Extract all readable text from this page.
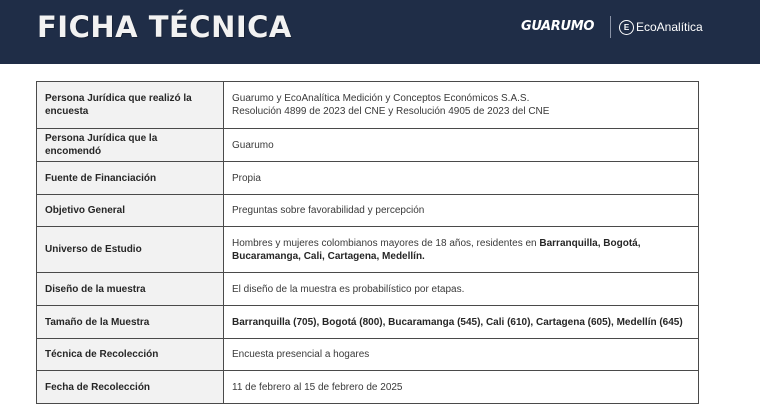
FICHA TÉCNICA	GUARUMO	E EcoAnalítica
Persona Jurídica que realizó la encuesta	Guarumo y EcoAnalítica Medición y Conceptos Económicos S.A.S.
Resolución 4899 de 2023 del CNE y Resolución 4905 de 2023 del CNE

Persona Jurídica que la encomendó	Guarumo
Fuente de Financiación	Propia
Objetivo General	Preguntas sobre favorabilidad y percepción
Universo de Estudio	Hombres y mujeres colombianos mayores de 18 años, residentes en Barranquilla, Bogotá, Bucaramanga, Cali, Cartagena, Medellín.
Diseño de la muestra	El diseño de la muestra es probabilístico por etapas.
Tamaño de la Muestra	Barranquilla (705), Bogotá (800), Bucaramanga (545), Cali (610), Cartagena (605), Medellín (645)
Técnica de Recolección	Encuesta presencial a hogares
Fecha de Recolección	11 de febrero al 15 de febrero de 2025
